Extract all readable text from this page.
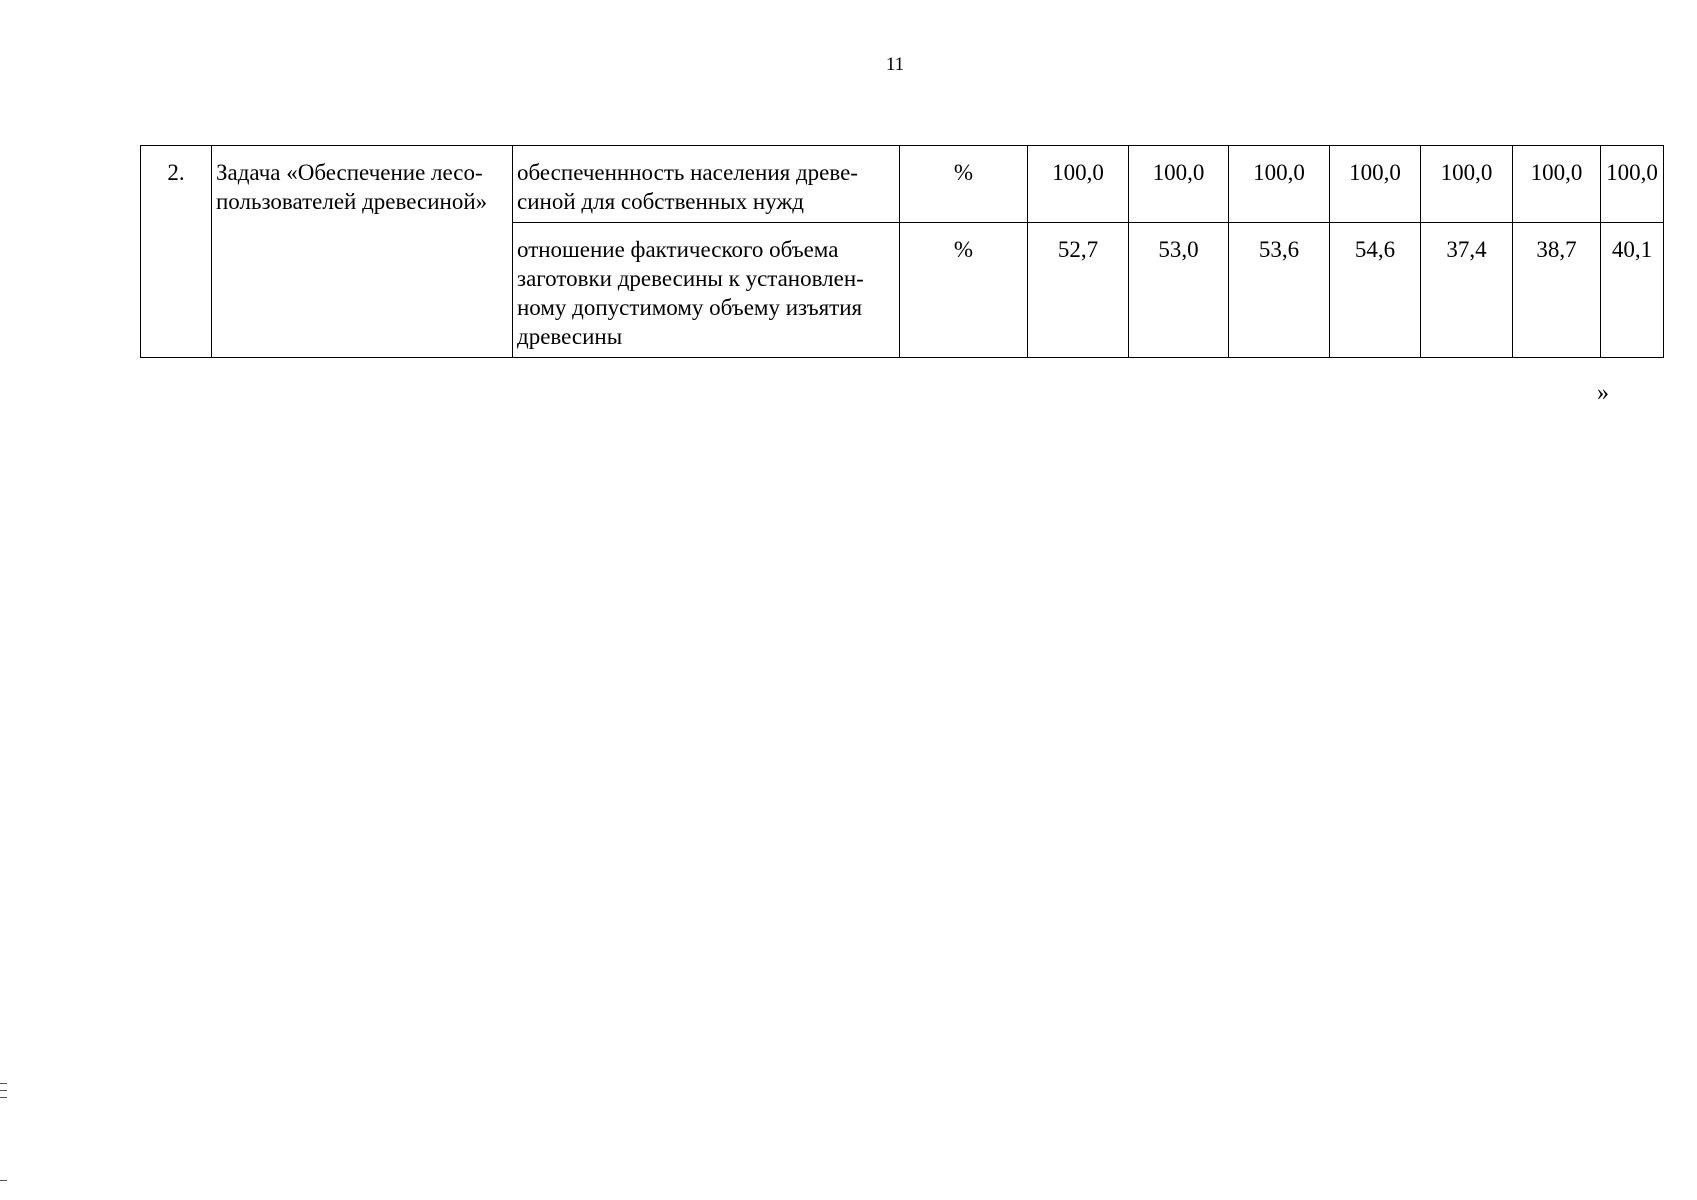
11
2.	Задача «Обеспечение лесо-пользователей древесиной»	обеспеченнность населения древе-синой для собственных нужд	%	100,0	100,0	100,0	100,0	100,0	100,0	100,0
		отношение фактического объема заготовки древесины к установлен-ному допустимому объему изъятия древесины	%	52,7	53,0	53,6	54,6	37,4	38,7	40,1
»
